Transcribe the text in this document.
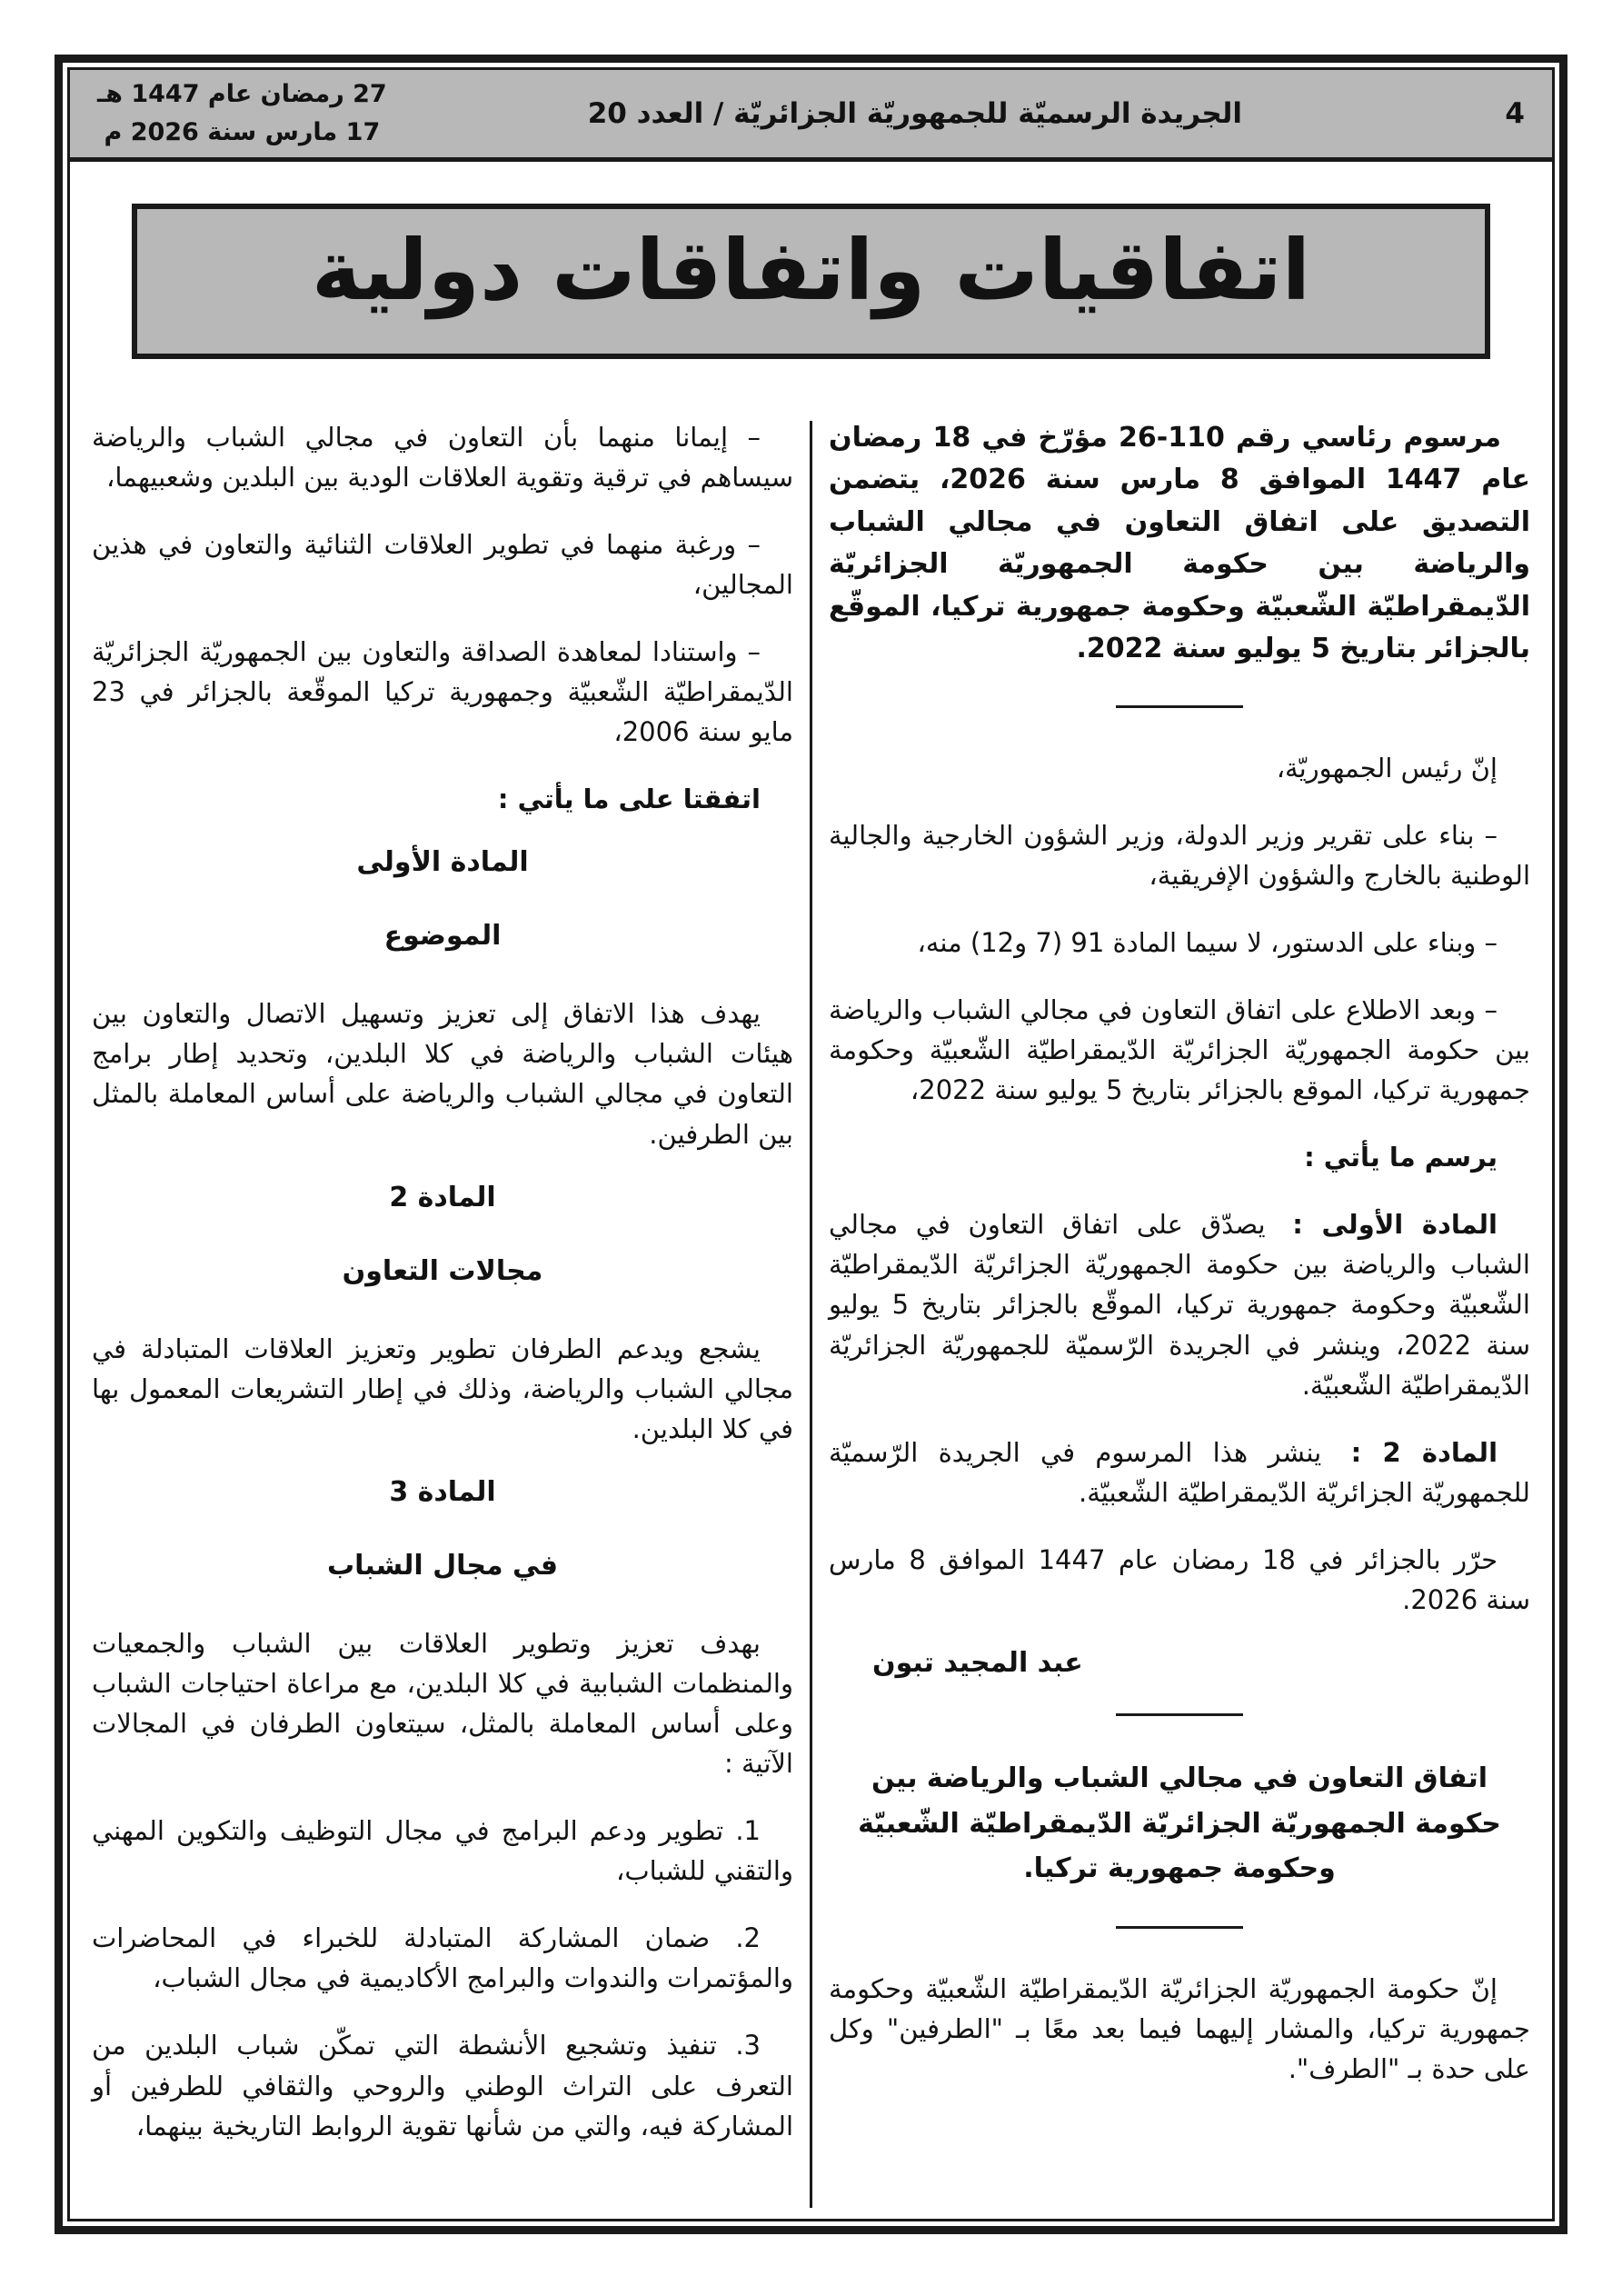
4
الجريدة الرسميّة للجمهوريّة الجزائريّة / العدد 20
27 رمضان عام 1447 هـ
17 مارس سنة 2026 م
اتفاقيات واتفاقات دولية

مرسوم رئاسي رقم 110-26 مؤرّخ في 18 رمضان عام 1447 الموافق 8 مارس سنة 2026، يتضمن التصديق على اتفاق التعاون في مجالي الشباب والرياضة بين حكومة الجمهوريّة الجزائريّة الدّيمقراطيّة الشّعبيّة وحكومة جمهورية تركيا، الموقّع بالجزائر بتاريخ 5 يوليو سنة 2022.

إنّ رئيس الجمهوريّة،

– بناء على تقرير وزير الدولة، وزير الشؤون الخارجية والجالية الوطنية بالخارج والشؤون الإفريقية،

– وبناء على الدستور، لا سيما المادة 91 (7 و12) منه،

– وبعد الاطلاع على اتفاق التعاون في مجالي الشباب والرياضة بين حكومة الجمهوريّة الجزائريّة الدّيمقراطيّة الشّعبيّة وحكومة جمهورية تركيا، الموقع بالجزائر بتاريخ 5 يوليو سنة 2022،

يرسم ما يأتي :

المادة الأولى : يصدّق على اتفاق التعاون في مجالي الشباب والرياضة بين حكومة الجمهوريّة الجزائريّة الدّيمقراطيّة الشّعبيّة وحكومة جمهورية تركيا، الموقّع بالجزائر بتاريخ 5 يوليو سنة 2022، وينشر في الجريدة الرّسميّة للجمهوريّة الجزائريّة الدّيمقراطيّة الشّعبيّة.

المادة 2 : ينشر هذا المرسوم في الجريدة الرّسميّة للجمهوريّة الجزائريّة الدّيمقراطيّة الشّعبيّة.

حرّر بالجزائر في 18 رمضان عام 1447 الموافق 8 مارس سنة 2026.

عبد المجيد تبون

اتفاق التعاون في مجالي الشباب والرياضة بين حكومة الجمهوريّة الجزائريّة الدّيمقراطيّة الشّعبيّة وحكومة جمهورية تركيا.

إنّ حكومة الجمهوريّة الجزائريّة الدّيمقراطيّة الشّعبيّة وحكومة جمهورية تركيا، والمشار إليهما فيما بعد معًا بـ "الطرفين" وكل على حدة بـ "الطرف".

– إيمانا منهما بأن التعاون في مجالي الشباب والرياضة سيساهم في ترقية وتقوية العلاقات الودية بين البلدين وشعبيهما،

– ورغبة منهما في تطوير العلاقات الثنائية والتعاون في هذين المجالين،

– واستنادا لمعاهدة الصداقة والتعاون بين الجمهوريّة الجزائريّة الدّيمقراطيّة الشّعبيّة وجمهورية تركيا الموقّعة بالجزائر في 23 مايو سنة 2006،

اتفقتا على ما يأتي :

المادة الأولى
الموضوع

يهدف هذا الاتفاق إلى تعزيز وتسهيل الاتصال والتعاون بين هيئات الشباب والرياضة في كلا البلدين، وتحديد إطار برامج التعاون في مجالي الشباب والرياضة على أساس المعاملة بالمثل بين الطرفين.

المادة 2
مجالات التعاون

يشجع ويدعم الطرفان تطوير وتعزيز العلاقات المتبادلة في مجالي الشباب والرياضة، وذلك في إطار التشريعات المعمول بها في كلا البلدين.

المادة 3
في مجال الشباب

بهدف تعزيز وتطوير العلاقات بين الشباب والجمعيات والمنظمات الشبابية في كلا البلدين، مع مراعاة احتياجات الشباب وعلى أساس المعاملة بالمثل، سيتعاون الطرفان في المجالات الآتية :

1. تطوير ودعم البرامج في مجال التوظيف والتكوين المهني والتقني للشباب،

2. ضمان المشاركة المتبادلة للخبراء في المحاضرات والمؤتمرات والندوات والبرامج الأكاديمية في مجال الشباب،

3. تنفيذ وتشجيع الأنشطة التي تمكّن شباب البلدين من التعرف على التراث الوطني والروحي والثقافي للطرفين أو المشاركة فيه، والتي من شأنها تقوية الروابط التاريخية بينهما،
